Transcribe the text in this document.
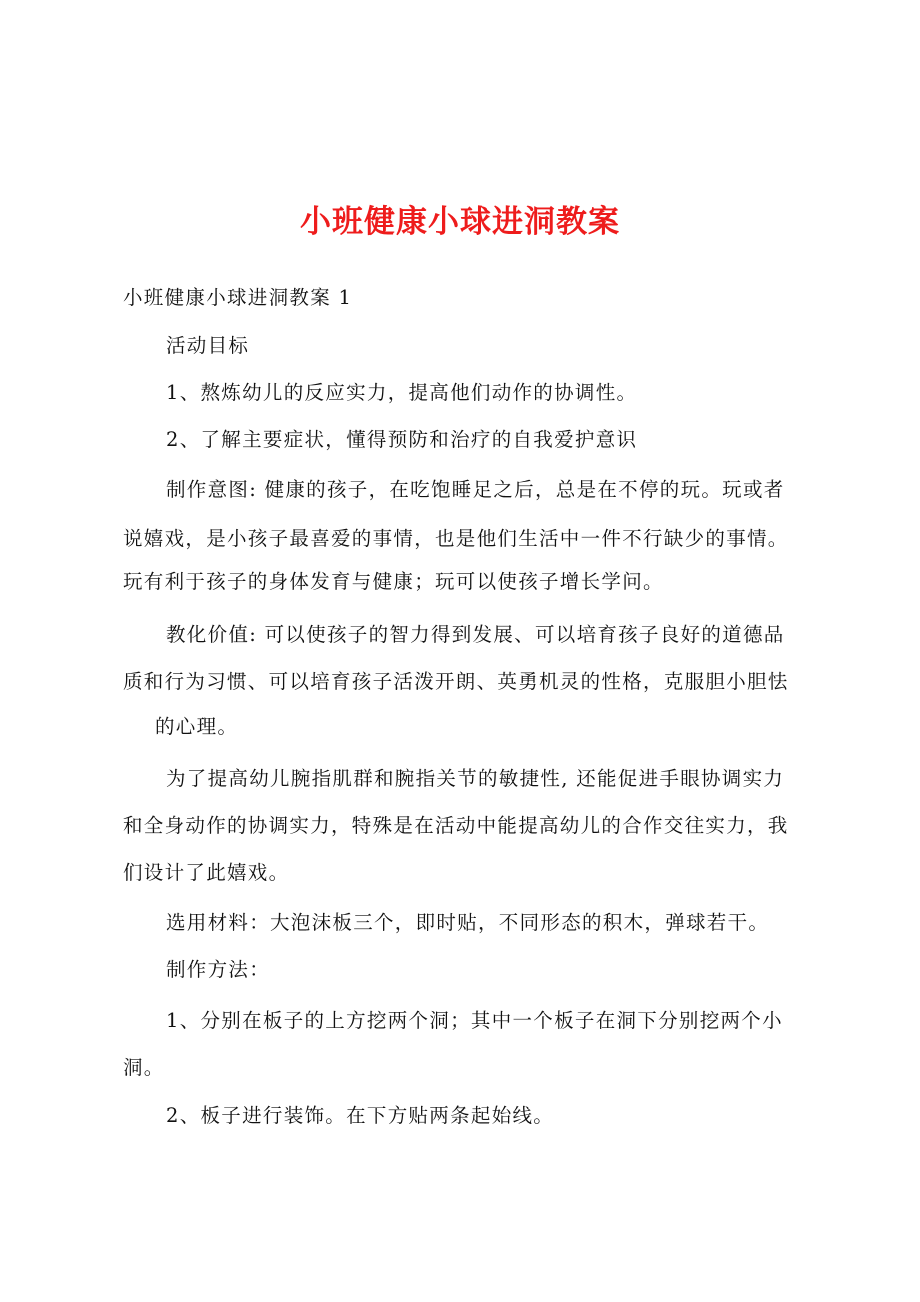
小班健康小球进洞教案
小班健康小球进洞教案 1
活动目标
1、熬炼幼儿的反应实力，提高他们动作的协调性。
2、了解主要症状，懂得预防和治疗的自我爱护意识
制作意图: 健康的孩子，在吃饱睡足之后，总是在不停的玩。玩或者
说嬉戏，是小孩子最喜爱的事情，也是他们生活中一件不行缺少的事情。
玩有利于孩子的身体发育与健康；玩可以使孩子增长学问。
教化价值: 可以使孩子的智力得到发展、可以培育孩子良好的道德品
质和行为习惯、可以培育孩子活泼开朗、英勇机灵的性格，克服胆小胆怯
的心理。
为了提高幼儿腕指肌群和腕指关节的敏捷性, 还能促进手眼协调实力
和全身动作的协调实力，特殊是在活动中能提高幼儿的合作交往实力，我
们设计了此嬉戏。
选用材料：大泡沫板三个，即时贴，不同形态的积木，弹球若干。
制作方法：
1、分别在板子的上方挖两个洞；其中一个板子在洞下分别挖两个小
洞。
2、板子进行装饰。在下方贴两条起始线。
